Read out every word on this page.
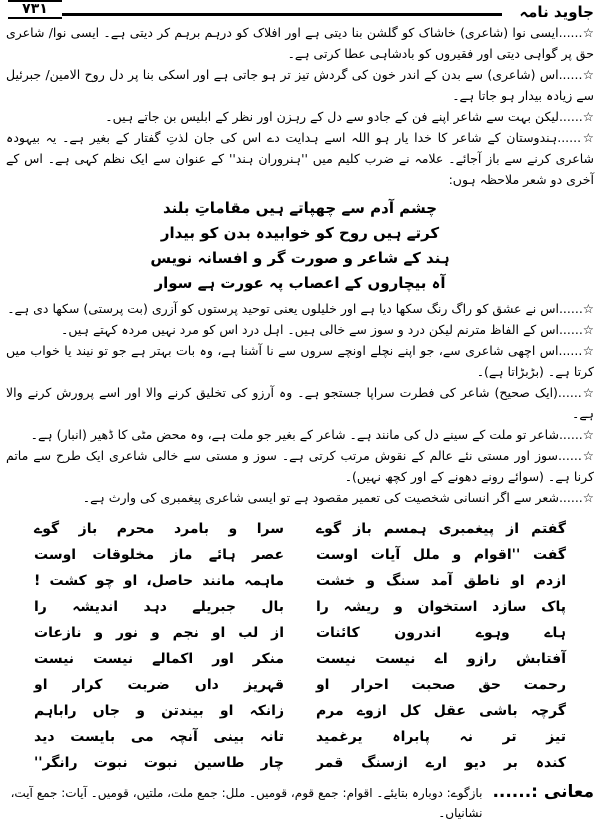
جاوید نامہ
۷۳۱

☆......ایسی نوا (شاعری) خاشاک کو گلشن بنا دیتی ہے اور افلاک کو درہم برہم کر دیتی ہے۔ ایسی نوا/ شاعری حق پر گواہی دیتی اور فقیروں کو بادشاہی عطا کرتی ہے۔

☆......اس (شاعری) سے بدن کے اندر خون کی گردش تیز تر ہو جاتی ہے اور اسکی بنا پر دل روح الامین/ جبرئیل سے زیادہ بیدار ہو جاتا ہے۔

☆......لیکن بہت سے شاعر اپنے فن کے جادو سے دل کے رہزن اور نظر کے ابلیس بن جاتے ہیں۔

☆......ہندوستان کے شاعر کا خدا یار ہو اللہ اسے ہدایت دے اس کی جان لذتِ گفتار کے بغیر ہے۔ یہ بیہودہ شاعری کرنے سے باز آجائے۔ علامہ نے ضرب کلیم میں ''ہنروران ہند'' کے عنوان سے ایک نظم کہی ہے۔ اس کے آخری دو شعر ملاحظہ ہوں:

چشم آدم سے چھپاتے ہیں مقاماتِ بلند
کرتے ہیں روح کو خوابیدہ بدن کو بیدار
ہند کے شاعر و صورت گر و افسانہ نویس
آہ بیچاروں کے اعصاب پہ عورت ہے سوار

☆......اس نے عشق کو راگ رنگ سکھا دیا ہے اور خلیلوں یعنی توحید پرستوں کو آزری (بت پرستی) سکھا دی ہے۔

☆......اس کے الفاظ مترنم لیکن درد و سوز سے خالی ہیں۔ اہل درد اس کو مرد نہیں مردہ کہتے ہیں۔

☆......اس اچھی شاعری سے، جو اپنے نچلے اونچے سروں سے نا آشنا ہے، وہ بات بہتر ہے جو تو نیند یا خواب میں کرتا ہے۔ (بڑبڑاتا ہے)۔

☆......(ایک صحیح) شاعر کی فطرت سراپا جستجو ہے۔ وہ آرزو کی تخلیق کرنے والا اور اسے پرورش کرنے والا ہے۔

☆......شاعر تو ملت کے سینے دل کی مانند ہے۔ شاعر کے بغیر جو ملت ہے، وہ محض مٹی کا ڈھیر (انبار) ہے۔

☆......سوز اور مستی نئے عالم کے نقوش مرتب کرتی ہے۔ سوز و مستی سے خالی شاعری ایک طرح سے ماتم کرنا ہے۔ (سوائے رونے دھونے کے اور کچھ نہیں)۔

☆......شعر سے اگر انسانی شخصیت کی تعمیر مقصود ہے تو ایسی شاعری پیغمبری کی وارث ہے۔

گفتم از پیغمبری ہمسم باز گوے
سرا و بامرد محرم باز گوے
گفت ''اقوام و ملل آیات اوست
عصر ہائے ماز مخلوقات اوست
ازدم او ناطق آمد سنگ و خشت
ماہمہ مانند حاصل، او چو کشت !
پاک سازد استخوان و ریشہ را
بال جبریلے دہد اندیشہ را
ہاے وہوے اندرون کائنات
از لب او نجم و نور و نازعات
آفتابش رازو اے نیست نیست
منکر اور اکمالے نیست نیست
رحمت حق صحبت احرار او
قہریز داں ضربت کرار او
گرچہ باشی عقل کل ازوے مرم
زانکہ او بیندتن و جاں راباہم
تیز تر نہ پابراہ یرغمید
تانہ بینی آنچہ می بایست دید
کندہ بر دیو ارے ازسنگ قمر
چار طاسین نبوت نبوت رانگر''
معانی :......
بازگوے: دوبارہ بتایئے۔ اقوام: جمع قوم، قومیں۔ ملل: جمع ملت، ملتیں، قومیں۔ آیات: جمع آیت، نشانیاں۔
